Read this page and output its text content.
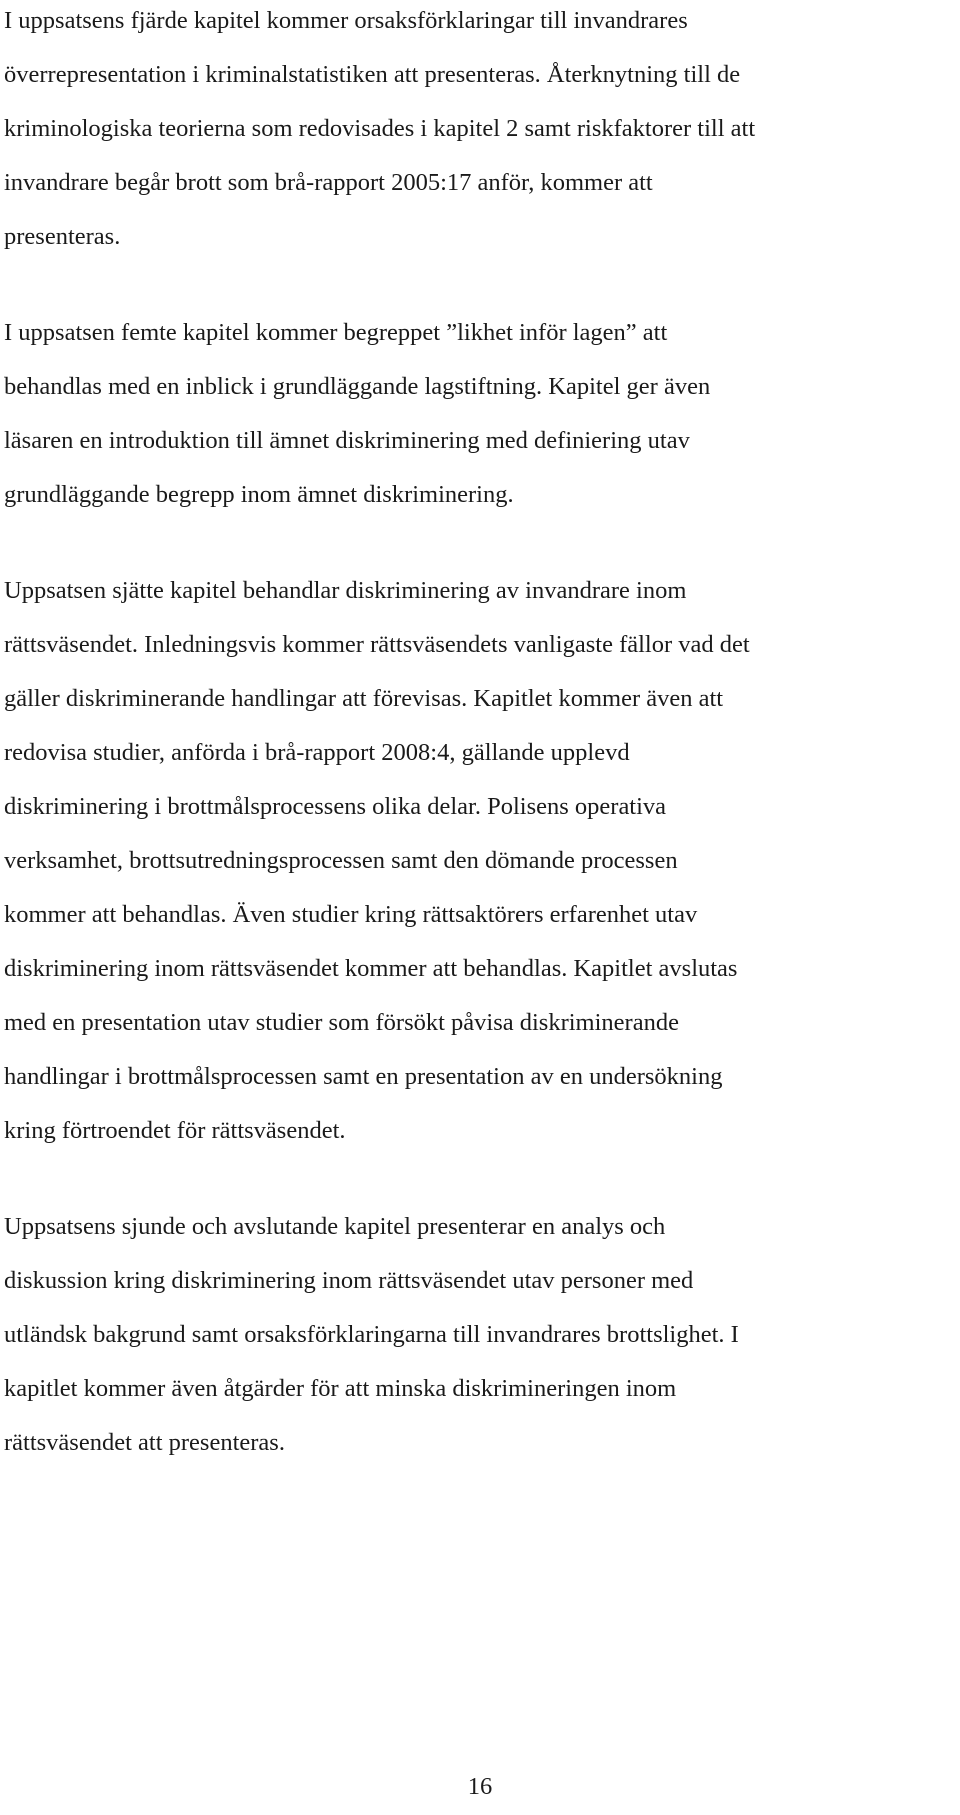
I uppsatsens fjärde kapitel kommer orsaksförklaringar till invandrares
överrepresentation i kriminalstatistiken att presenteras. Återknytning till de
kriminologiska teorierna som redovisades i kapitel 2 samt riskfaktorer till att
invandrare begår brott som brå-rapport 2005:17 anför, kommer att
presenteras.

I uppsatsen femte kapitel kommer begreppet ”likhet inför lagen” att
behandlas med en inblick i grundläggande lagstiftning. Kapitel ger även
läsaren en introduktion till ämnet diskriminering med definiering utav
grundläggande begrepp inom ämnet diskriminering.

Uppsatsen sjätte kapitel behandlar diskriminering av invandrare inom
rättsväsendet. Inledningsvis kommer rättsväsendets vanligaste fällor vad det
gäller diskriminerande handlingar att förevisas. Kapitlet kommer även att
redovisa studier, anförda i brå-rapport 2008:4, gällande upplevd
diskriminering i brottmålsprocessens olika delar. Polisens operativa
verksamhet, brottsutredningsprocessen samt den dömande processen
kommer att behandlas. Även studier kring rättsaktörers erfarenhet utav
diskriminering inom rättsväsendet kommer att behandlas. Kapitlet avslutas
med en presentation utav studier som försökt påvisa diskriminerande
handlingar i brottmålsprocessen samt en presentation av en undersökning
kring förtroendet för rättsväsendet.

Uppsatsens sjunde och avslutande kapitel presenterar en analys och
diskussion kring diskriminering inom rättsväsendet utav personer med
utländsk bakgrund samt orsaksförklaringarna till invandrares brottslighet. I
kapitlet kommer även åtgärder för att minska diskrimineringen inom
rättsväsendet att presenteras.

16
